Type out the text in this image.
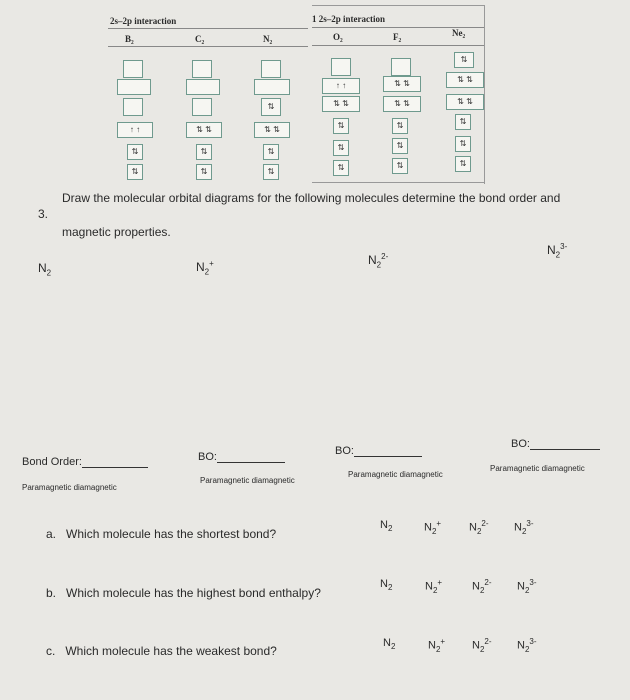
2s–2p interaction
B₂	C₂	N₂
1 2s–2p interaction
O₂	F₂	Ne₂
↑ ↑
⇅
⇅
⇅ ⇅
⇅
⇅
⇅
⇅ ⇅
⇅
⇅
↑ ↑
⇅ ⇅
⇅
⇅
⇅
⇅ ⇅
⇅ ⇅
⇅
⇅
⇅
⇅
⇅ ⇅
⇅ ⇅
⇅
⇅
⇅
3.
Draw the molecular orbital diagrams for the following molecules determine the bond order and
magnetic properties.
$N_2$	$N_2^+$	$N_2^{2-}$	$N_2^{3-}$
Bond Order:
Paramagnetic diamagnetic
BO:
Paramagnetic diamagnetic
BO:
Paramagnetic diamagnetic
BO:
Paramagnetic diamagnetic
a. Which molecule has the shortest bond?
b. Which molecule has the highest bond enthalpy?
c. Which molecule has the weakest bond?
$N_2$	$N_2^+$	$N_2^{2-}$ $N_2^{3-}$
$N_2$	$N_2^+$	$N_2^{2-}$ $N_2^{3-}$
$N_2$	$N_2^+$ $N_2^{2-}$ $N_2^{3-}$
